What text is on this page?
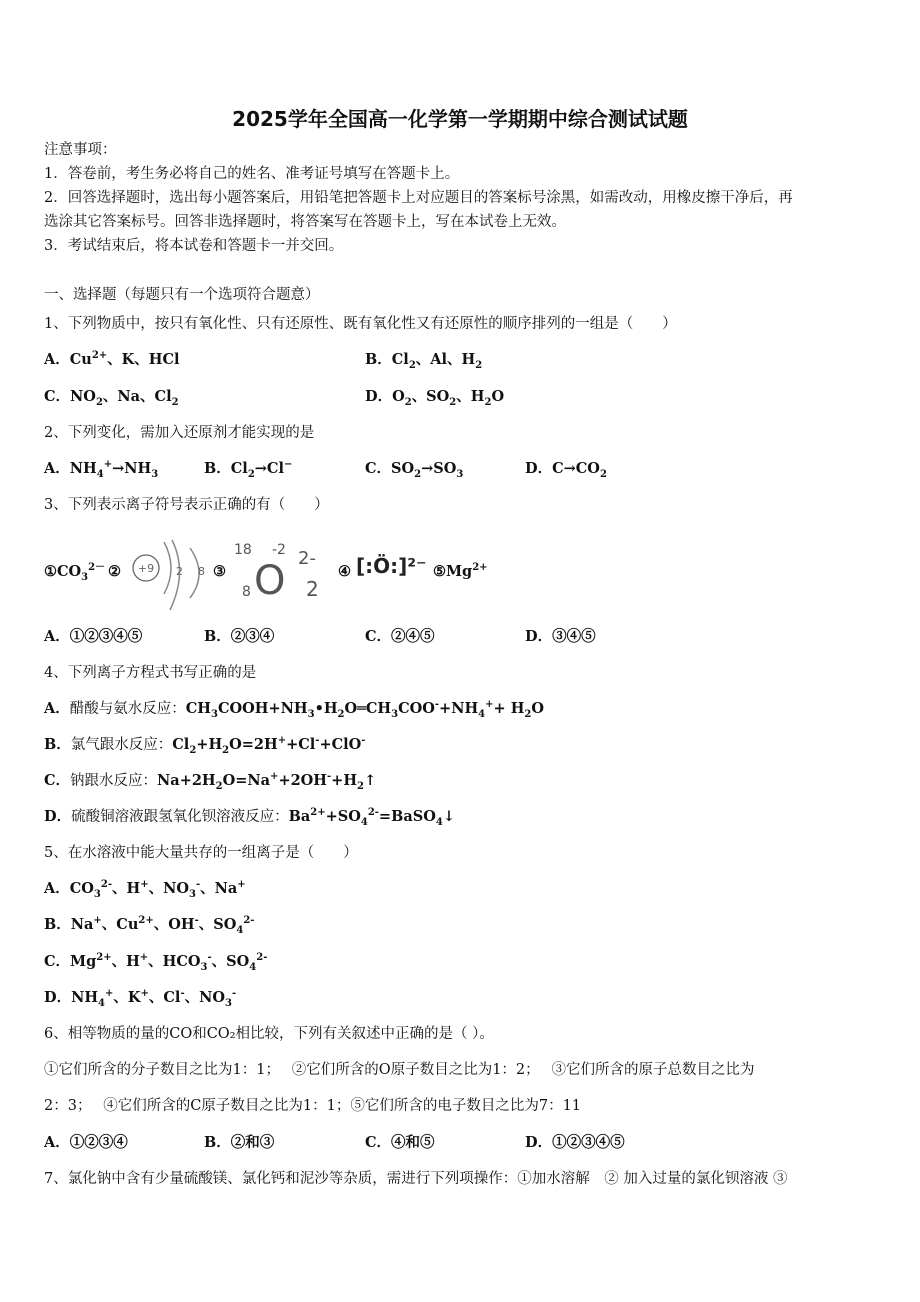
2025学年全国高一化学第一学期期中综合测试试题
注意事项：
1．答卷前，考生务必将自己的姓名、准考证号填写在答题卡上。
2．回答选择题时，选出每小题答案后，用铅笔把答题卡上对应题目的答案标号涂黑，如需改动，用橡皮擦干净后，再
选涂其它答案标号。回答非选择题时，将答案写在答题卡上，写在本试卷上无效。
3．考试结束后，将本试卷和答题卡一并交回。
一、选择题（每题只有一个选项符合题意）
1、下列物质中，按只有氧化性、只有还原性、既有氧化性又有还原性的顺序排列的一组是（　　）
A．$Cu^{2+}$、K、HCl	B．$Cl_2$、Al、$H_2$
C．$NO_2$、Na、$Cl_2$	D．$O_2$、$SO_2$、$H_2O$
2、下列变化，需加入还原剂才能实现的是
A．$NH_4^+\to NH_3$	B．$Cl_2\to Cl^-$	C．$SO_2\to SO_3$	D．$C\to CO_2$
3、下列表示离子符号表示正确的有（　　）
$①CO_3^{2-}$ ② +9 2 8 ③
18 -2 2-
8 O 2
④ [:Ö:]²⁻ $⑤Mg^{2+}$
A．①②③④⑤	B．②③④	C．②④⑤	D．③④⑤
4、下列离子方程式书写正确的是
A．醋酸与氨水反应：$CH_3COOH+NH_3•H_2O═CH_3COO^-+NH_4^++ H_2O$
B．氯气跟水反应：$Cl_2+H_2O=2H^++Cl^-+ClO^-$
C．钠跟水反应：$Na+2H_2O=Na^++2OH^-+H_2↑$
D．硫酸铜溶液跟氢氧化钡溶液反应：$Ba^{2+}+SO_4^{2-}=BaSO_4↓$
5、在水溶液中能大量共存的一组离子是（　　）
A．$CO_3^{2-}$、H+、$NO_3^-$、Na+
B．Na+、$Cu^{2+}$、OH-、$SO_4^{2-}$
C．$Mg^{2+}$、H+、$HCO_3^-$、$SO_4^{2-}$
D．$NH_4^+$、K+、Cl-、$NO_3^-$
6、相等物质的量的CO和CO₂相比较，下列有关叙述中正确的是（ ）。
①它们所含的分子数目之比为1：1；　 ②它们所含的O原子数目之比为1：2；　 ③它们所含的原子总数目之比为
2：3；　 ④它们所含的C原子数目之比为1：1；⑤它们所含的电子数目之比为7：11
A．①②③④	B．②和③	C．④和⑤	D．①②③④⑤
7、氯化钠中含有少量硫酸镁、氯化钙和泥沙等杂质，需进行下列项操作：①加水溶解　② 加入过量的氯化钡溶液 ③
